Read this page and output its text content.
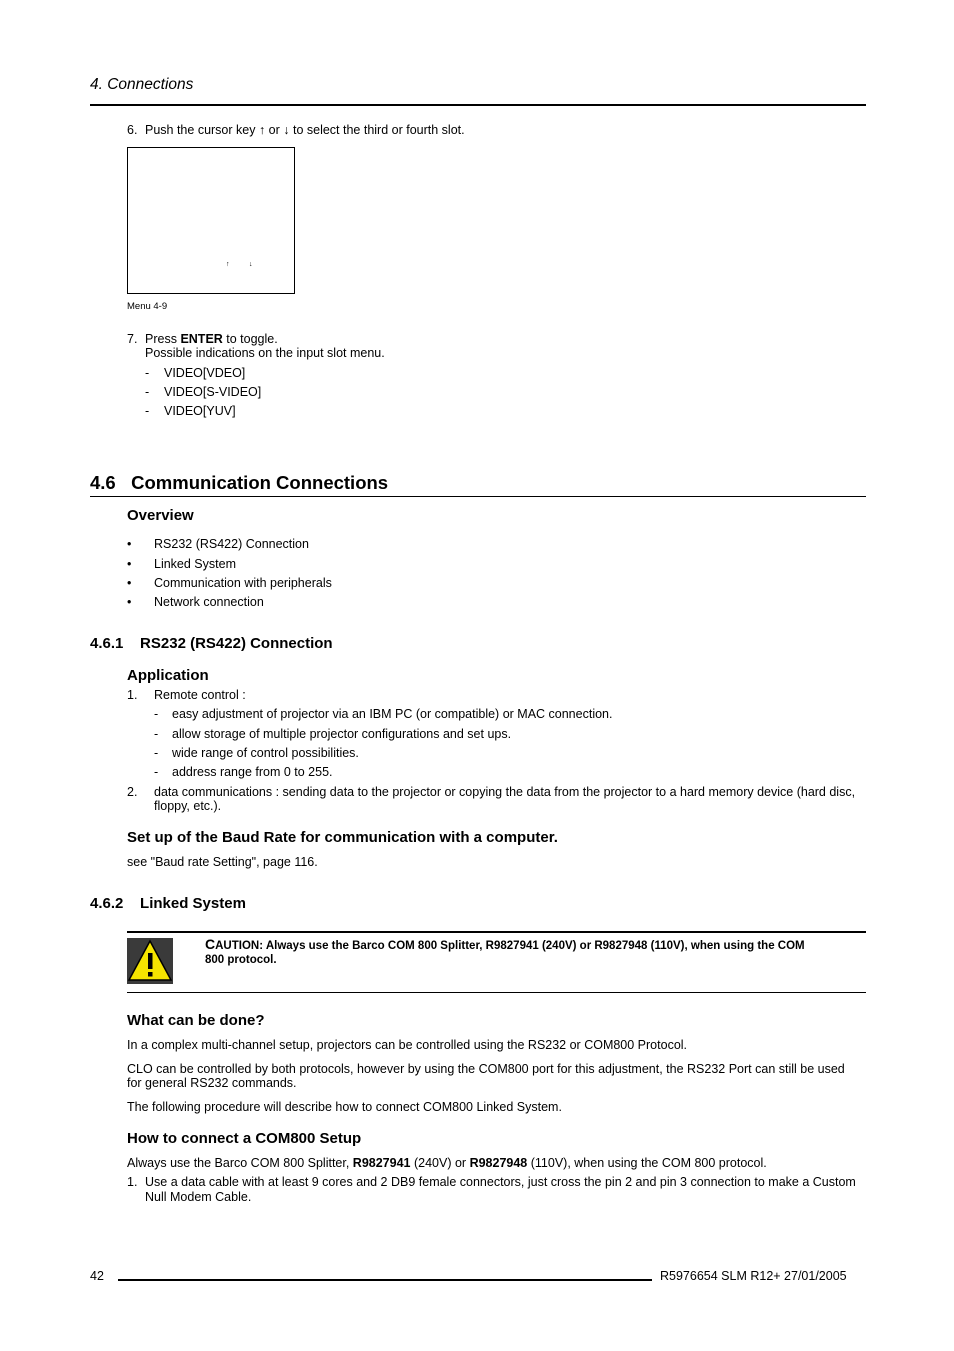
4. Connections
6. Push the cursor key ↑ or ↓ to select the third or fourth slot.
↑	↓
Menu 4-9
7. Press ENTER to toggle.
Possible indications on the input slot menu.
- VIDEO[VDEO]
- VIDEO[S-VIDEO]
- VIDEO[YUV]
4.6 Communication Connections
Overview
• RS232 (RS422) Connection
• Linked System
• Communication with peripherals
• Network connection
4.6.1 RS232 (RS422) Connection
Application
1. Remote control :
- easy adjustment of projector via an IBM PC (or compatible) or MAC connection.
- allow storage of multiple projector configurations and set ups.
- wide range of control possibilities.
- address range from 0 to 255.
2. data communications : sending data to the projector or copying the data from the projector to a hard memory device (hard disc,
floppy, etc.).
Set up of the Baud Rate for communication with a computer.
see "Baud rate Setting", page 116.
4.6.2 Linked System
CAUTION: Always use the Barco COM 800 Splitter, R9827941 (240V) or R9827948 (110V), when using the COM
800 protocol.
What can be done?
In a complex multi-channel setup, projectors can be controlled using the RS232 or COM800 Protocol.
CLO can be controlled by both protocols, however by using the COM800 port for this adjustment, the RS232 Port can still be used
for general RS232 commands.
The following procedure will describe how to connect COM800 Linked System.
How to connect a COM800 Setup
Always use the Barco COM 800 Splitter, R9827941 (240V) or R9827948 (110V), when using the COM 800 protocol.
1. Use a data cable with at least 9 cores and 2 DB9 female connectors, just cross the pin 2 and pin 3 connection to make a Custom
Null Modem Cable.
42	R5976654 SLM R12+ 27/01/2005
